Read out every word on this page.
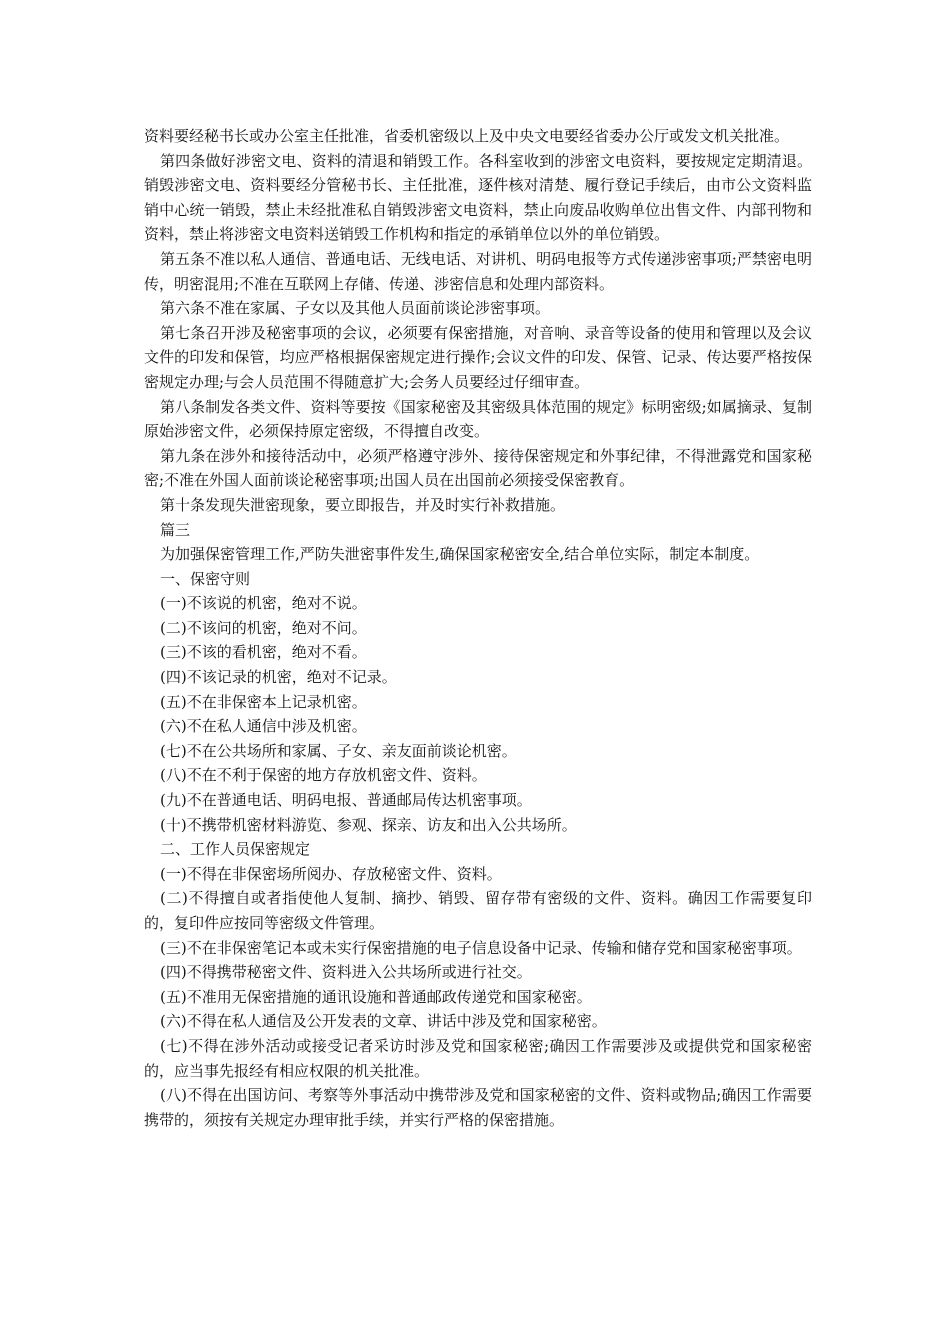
资料要经秘书长或办公室主任批准，省委机密级以上及中央文电要经省委办公厅或发文机关批准。

第四条做好涉密文电、资料的清退和销毁工作。各科室收到的涉密文电资料，要按规定定期清退。销毁涉密文电、资料要经分管秘书长、主任批准，逐件核对清楚、履行登记手续后，由市公文资料监销中心统一销毁，禁止未经批准私自销毁涉密文电资料，禁止向废品收购单位出售文件、内部刊物和资料，禁止将涉密文电资料送销毁工作机构和指定的承销单位以外的单位销毁。

第五条不准以私人通信、普通电话、无线电话、对讲机、明码电报等方式传递涉密事项;严禁密电明传，明密混用;不准在互联网上存储、传递、涉密信息和处理内部资料。

第六条不准在家属、子女以及其他人员面前谈论涉密事项。

第七条召开涉及秘密事项的会议，必须要有保密措施，对音响、录音等设备的使用和管理以及会议文件的印发和保管，均应严格根据保密规定进行操作;会议文件的印发、保管、记录、传达要严格按保密规定办理;与会人员范围不得随意扩大;会务人员要经过仔细审查。

第八条制发各类文件、资料等要按《国家秘密及其密级具体范围的规定》标明密级;如属摘录、复制原始涉密文件，必须保持原定密级，不得擅自改变。

第九条在涉外和接待活动中，必须严格遵守涉外、接待保密规定和外事纪律，不得泄露党和国家秘密;不准在外国人面前谈论秘密事项;出国人员在出国前必须接受保密教育。

第十条发现失泄密现象，要立即报告，并及时实行补救措施。

篇三

为加强保密管理工作,严防失泄密事件发生,确保国家秘密安全,结合单位实际，制定本制度。

一、保密守则

(一)不该说的机密，绝对不说。

(二)不该问的机密，绝对不问。

(三)不该的看机密，绝对不看。

(四)不该记录的机密，绝对不记录。

(五)不在非保密本上记录机密。

(六)不在私人通信中涉及机密。

(七)不在公共场所和家属、子女、亲友面前谈论机密。

(八)不在不利于保密的地方存放机密文件、资料。

(九)不在普通电话、明码电报、普通邮局传达机密事项。

(十)不携带机密材料游览、参观、探亲、访友和出入公共场所。

二、工作人员保密规定

(一)不得在非保密场所阅办、存放秘密文件、资料。

(二)不得擅自或者指使他人复制、摘抄、销毁、留存带有密级的文件、资料。确因工作需要复印的，复印件应按同等密级文件管理。

(三)不在非保密笔记本或未实行保密措施的电子信息设备中记录、传输和储存党和国家秘密事项。

(四)不得携带秘密文件、资料进入公共场所或进行社交。

(五)不准用无保密措施的通讯设施和普通邮政传递党和国家秘密。

(六)不得在私人通信及公开发表的文章、讲话中涉及党和国家秘密。

(七)不得在涉外活动或接受记者采访时涉及党和国家秘密;确因工作需要涉及或提供党和国家秘密的，应当事先报经有相应权限的机关批准。

(八)不得在出国访问、考察等外事活动中携带涉及党和国家秘密的文件、资料或物品;确因工作需要携带的，须按有关规定办理审批手续，并实行严格的保密措施。
